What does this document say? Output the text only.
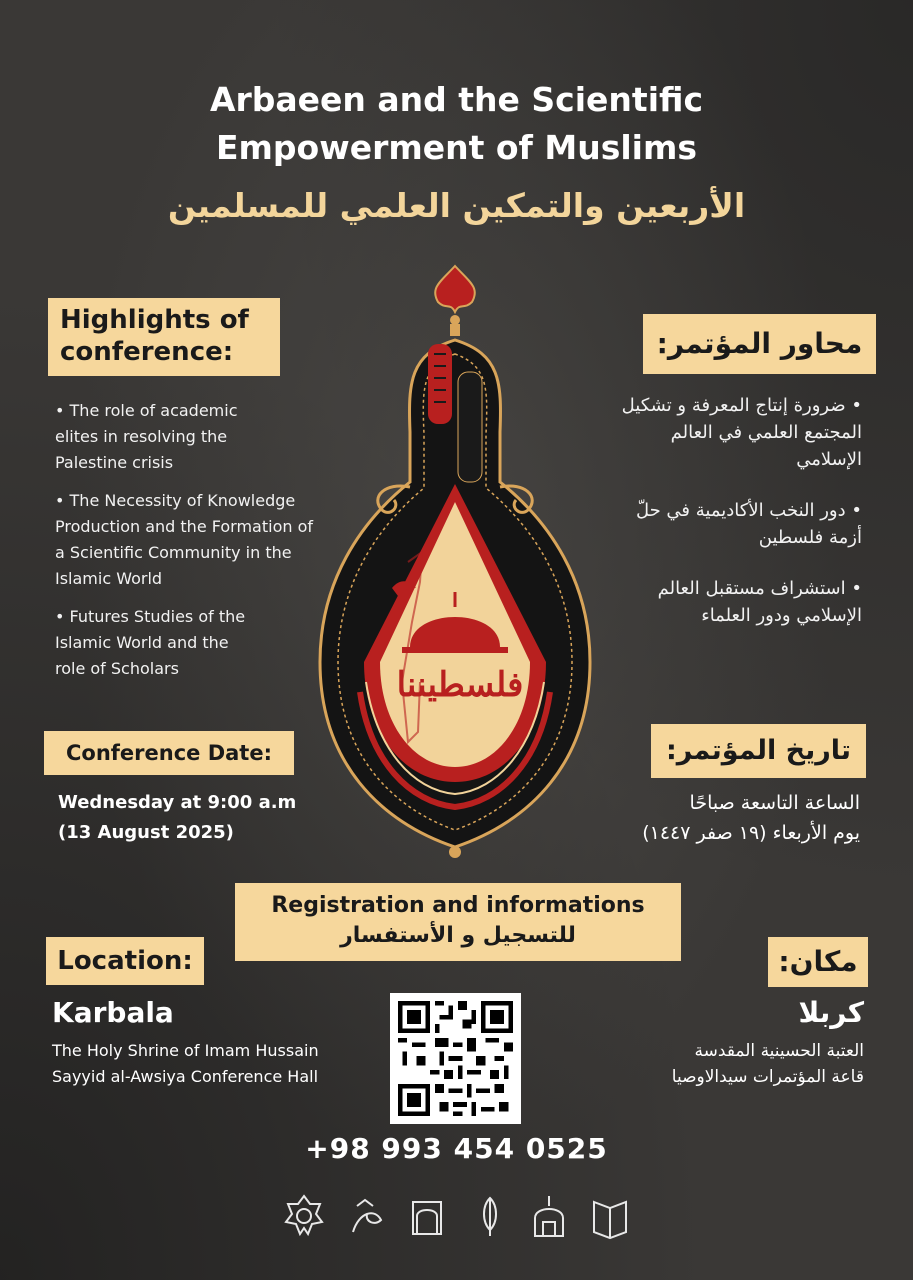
Arbaeen and the Scientific
Empowerment of Muslims
الأربعين والتمكين العلمي للمسلمين
فلسطيننا
Highlights of
conference:
• The role of academic elites in resolving the Palestine crisis
• The Necessity of Knowledge Production and the Formation of a Scientific Community in the Islamic World
• Futures Studies of the Islamic World and the role of Scholars
محاور المؤتمر:
• ضرورة إنتاج المعرفة و تشكيل المجتمع العلمي في العالم الإسلامي
• دور النخب الأكاديمية في حلّ أزمة فلسطين
• استشراف مستقبل العالم الإسلامي ودور العلماء
Conference Date:
Wednesday at 9:00 a.m
(13 August 2025)
تاريخ المؤتمر:
الساعة التاسعة صباحًا
يوم الأربعاء (١٩ صفر ١٤٤٧)
Registration and informations
للتسجيل و الأستفسار
Location:
Karbala
The Holy Shrine of Imam Hussain
Sayyid al-Awsiya Conference Hall
مكان:
كربلا
العتبة الحسينية المقدسة
قاعة المؤتمرات سيدالاوصيا
+98 993 454 0525
